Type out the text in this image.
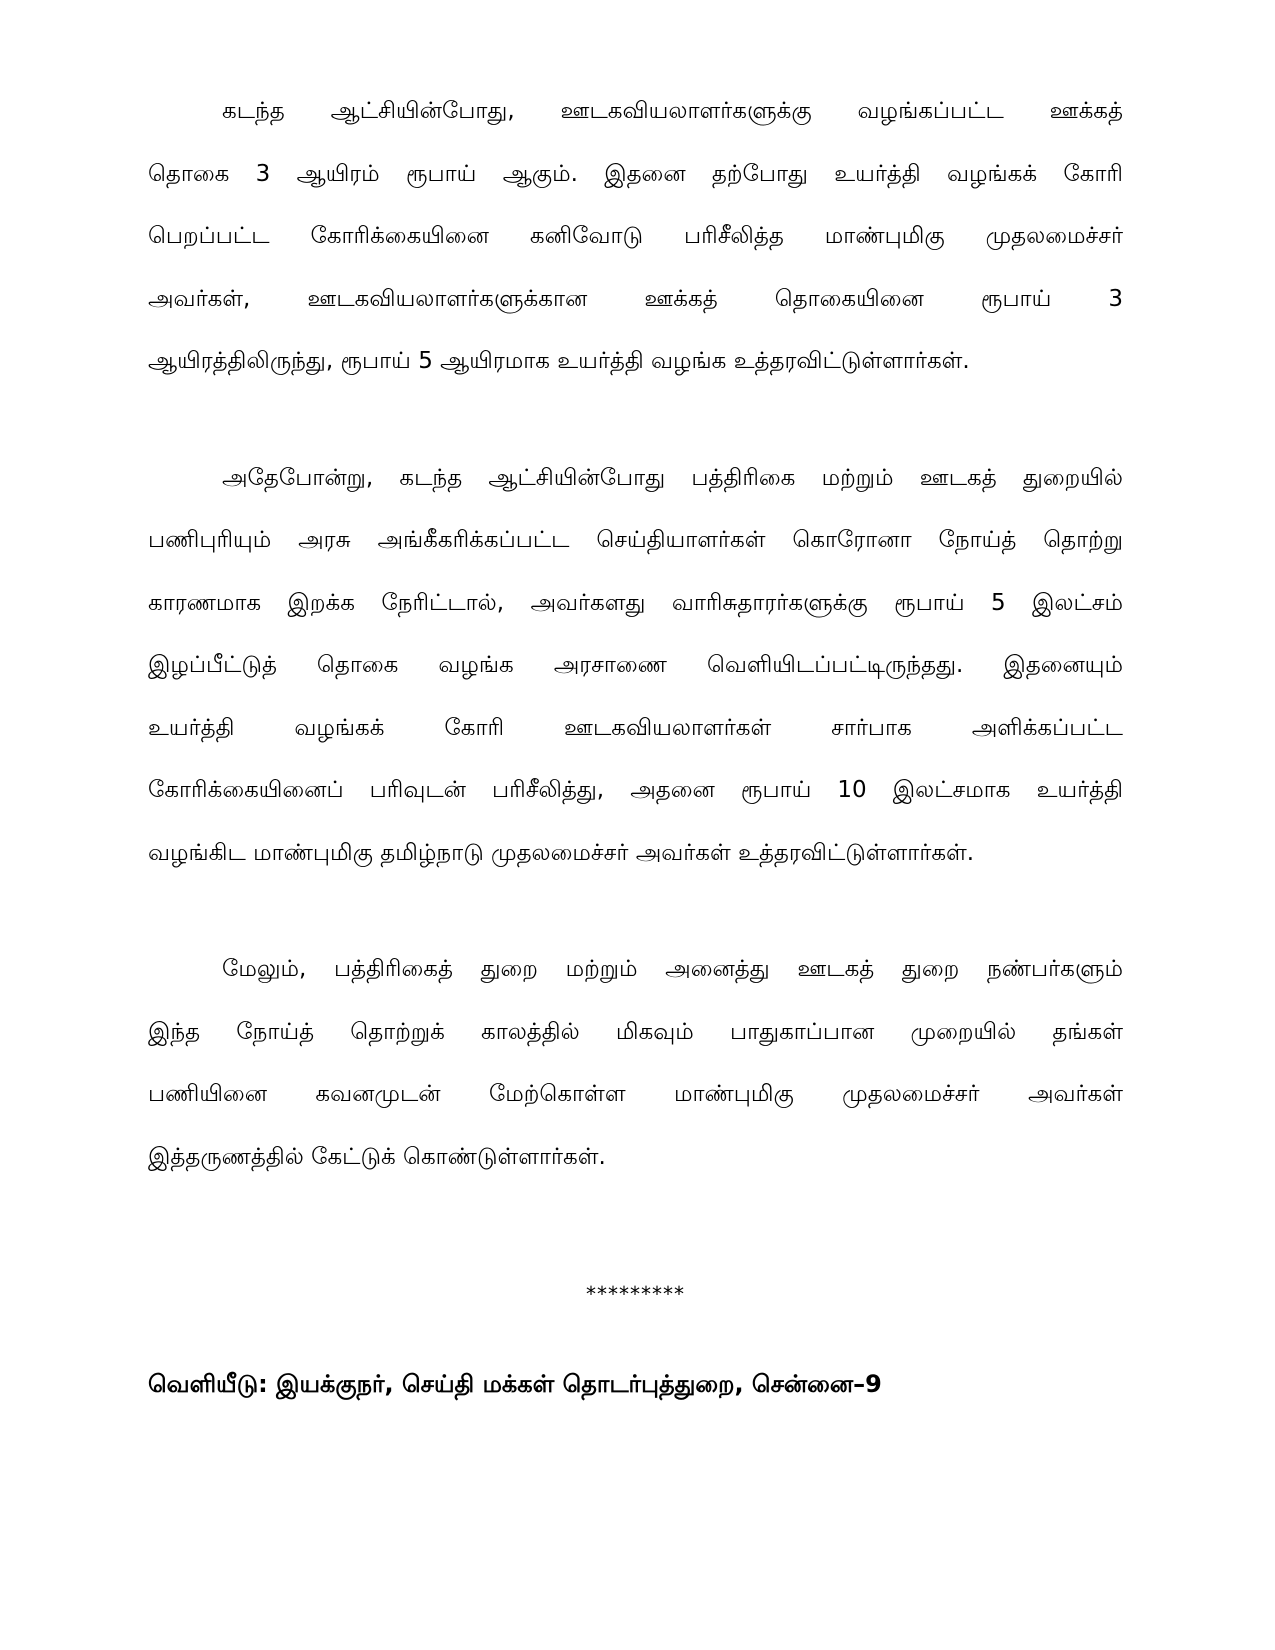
கடந்த ஆட்சியின்போது, ஊடகவியலாளர்களுக்கு வழங்கப்பட்ட ஊக்கத்
தொகை 3 ஆயிரம் ரூபாய் ஆகும். இதனை தற்போது உயர்த்தி வழங்கக் கோரி
பெறப்பட்ட கோரிக்கையினை கனிவோடு பரிசீலித்த மாண்புமிகு முதலமைச்சர்
அவர்கள், ஊடகவியலாளர்களுக்கான ஊக்கத் தொகையினை ரூபாய் 3
ஆயிரத்திலிருந்து, ரூபாய் 5 ஆயிரமாக உயர்த்தி வழங்க உத்தரவிட்டுள்ளார்கள்.
அதேபோன்று, கடந்த ஆட்சியின்போது பத்திரிகை மற்றும் ஊடகத் துறையில்
பணிபுரியும் அரசு அங்கீகரிக்கப்பட்ட செய்தியாளர்கள் கொரோனா நோய்த் தொற்று
காரணமாக இறக்க நேரிட்டால், அவர்களது வாரிசுதாரர்களுக்கு ரூபாய் 5 இலட்சம்
இழப்பீட்டுத் தொகை வழங்க அரசாணை வெளியிடப்பட்டிருந்தது. இதனையும்
உயர்த்தி வழங்கக் கோரி ஊடகவியலாளர்கள் சார்பாக அளிக்கப்பட்ட
கோரிக்கையினைப் பரிவுடன் பரிசீலித்து, அதனை ரூபாய் 10 இலட்சமாக உயர்த்தி
வழங்கிட மாண்புமிகு தமிழ்நாடு முதலமைச்சர் அவர்கள் உத்தரவிட்டுள்ளார்கள்.
மேலும், பத்திரிகைத் துறை மற்றும் அனைத்து ஊடகத் துறை நண்பர்களும்
இந்த நோய்த் தொற்றுக் காலத்தில் மிகவும் பாதுகாப்பான முறையில் தங்கள்
பணியினை கவனமுடன் மேற்கொள்ள மாண்புமிகு முதலமைச்சர் அவர்கள்
இத்தருணத்தில் கேட்டுக் கொண்டுள்ளார்கள்.
*********
வெளியீடு: இயக்குநர், செய்தி மக்கள் தொடர்புத்துறை, சென்னை–9
